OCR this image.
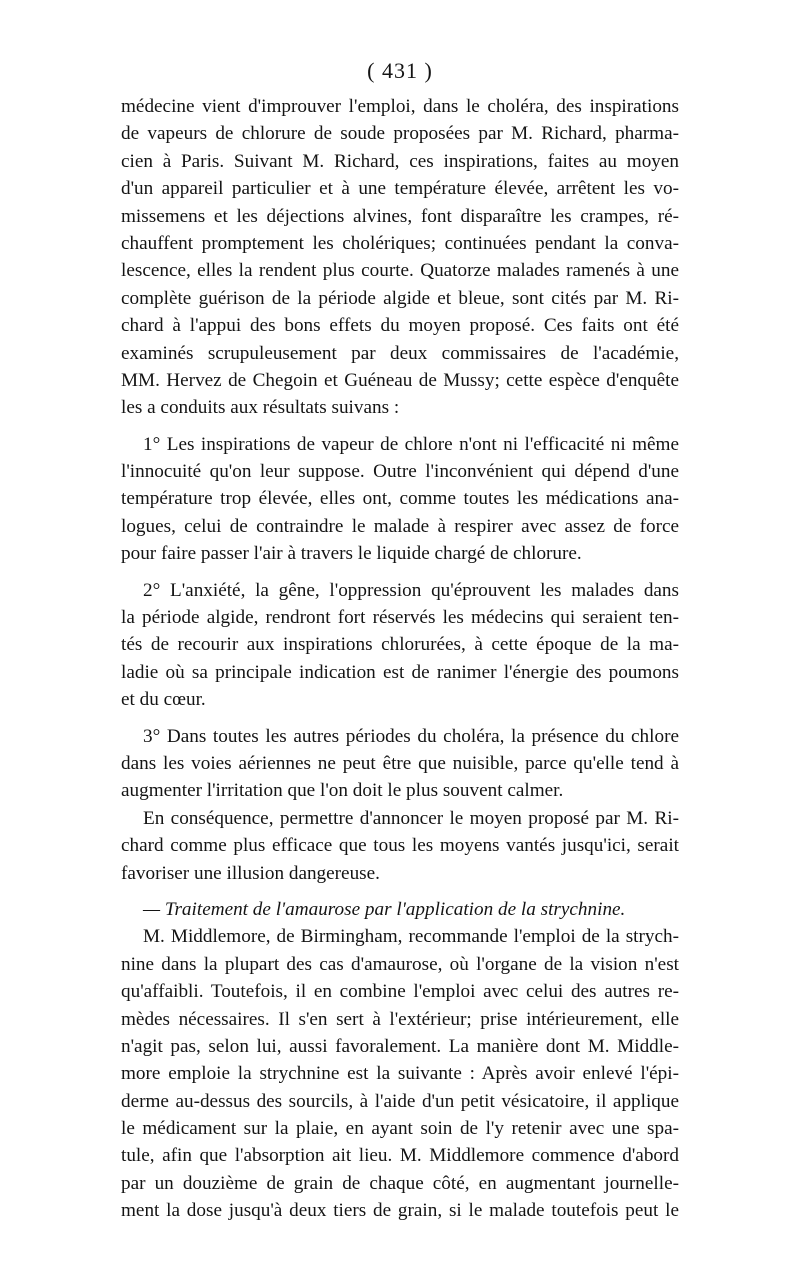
( 431 )
médecine vient d'improuver l'emploi, dans le choléra, des inspirations
de vapeurs de chlorure de soude proposées par M. Richard, pharma-
cien à Paris. Suivant M. Richard, ces inspirations, faites au moyen
d'un appareil particulier et à une température élevée, arrêtent les vo-
missemens et les déjections alvines, font disparaître les crampes, ré-
chauffent promptement les cholériques; continuées pendant la conva-
lescence, elles la rendent plus courte. Quatorze malades ramenés à une
complète guérison de la période algide et bleue, sont cités par M. Ri-
chard à l'appui des bons effets du moyen proposé. Ces faits ont été
examinés scrupuleusement par deux commissaires de l'académie,
MM. Hervez de Chegoin et Guéneau de Mussy; cette espèce d'enquête
les a conduits aux résultats suivans :
1° Les inspirations de vapeur de chlore n'ont ni l'efficacité ni même
l'innocuité qu'on leur suppose. Outre l'inconvénient qui dépend d'une
température trop élevée, elles ont, comme toutes les médications ana-
logues, celui de contraindre le malade à respirer avec assez de force
pour faire passer l'air à travers le liquide chargé de chlorure.
2° L'anxiété, la gêne, l'oppression qu'éprouvent les malades dans
la période algide, rendront fort réservés les médecins qui seraient ten-
tés de recourir aux inspirations chlorurées, à cette époque de la ma-
ladie où sa principale indication est de ranimer l'énergie des poumons
et du cœur.
3° Dans toutes les autres périodes du choléra, la présence du chlore
dans les voies aériennes ne peut être que nuisible, parce qu'elle tend à
augmenter l'irritation que l'on doit le plus souvent calmer.
En conséquence, permettre d'annoncer le moyen proposé par M. Ri-
chard comme plus efficace que tous les moyens vantés jusqu'ici, serait
favoriser une illusion dangereuse.
— Traitement de l'amaurose par l'application de la strychnine.
M. Middlemore, de Birmingham, recommande l'emploi de la strych-
nine dans la plupart des cas d'amaurose, où l'organe de la vision n'est
qu'affaibli. Toutefois, il en combine l'emploi avec celui des autres re-
mèdes nécessaires. Il s'en sert à l'extérieur; prise intérieurement, elle
n'agit pas, selon lui, aussi favoralement. La manière dont M. Middle-
more emploie la strychnine est la suivante : Après avoir enlevé l'épi-
derme au-dessus des sourcils, à l'aide d'un petit vésicatoire, il applique
le médicament sur la plaie, en ayant soin de l'y retenir avec une spa-
tule, afin que l'absorption ait lieu. M. Middlemore commence d'abord
par un douzième de grain de chaque côté, en augmentant journelle-
ment la dose jusqu'à deux tiers de grain, si le malade toutefois peut le
